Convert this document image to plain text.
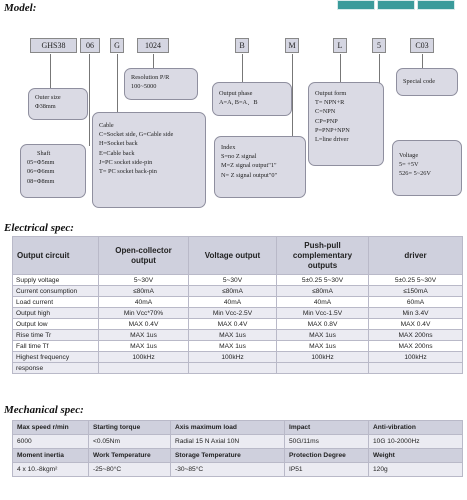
Model:
GHS38	06	G	1024	B	M	L	5	C03
Outer size
Φ38mm
Shaft
05=Φ5mm
06=Φ6mm
08=Φ8mm
Resolution P/R
100~5000
Cable
C=Socket side, G=Cable side
H=Socket back
E=Cable back
J=PC socket side-pin
T= PC socket back-pin
Output phase
A=A, B=A、B
Index
S=no Z signal
M=Z signal output"1"
N= Z signal output"0"
Output form
T= NPN+R
C=NPN
CP=PNP
P=PNP+NPN
L=line driver
Special code
Voltage
5= +5V
526= 5~26V
Electrical spec:
Output circuit	Open-collector output	Voltage output	Push-pull complementary outputs	driver
Supply voltage	5~30V	5~30V	5±0.25 5~30V	5±0.25 5~30V
Current consumption	≤80mA	≤80mA	≤80mA	≤150mA
Load current	40mA	40mA	40mA	60mA
Output high	Min Vcc*70%	Min Vcc-2.5V	Min Vcc-1.5V	Min 3.4V
Output low	MAX 0.4V	MAX 0.4V	MAX 0.8V	MAX 0.4V
Rise time Tr	MAX 1us	MAX 1us	MAX 1us	MAX 200ns
Fall time Tf	MAX 1us	MAX 1us	MAX 1us	MAX 200ns
Highest frequency	100kHz	100kHz	100kHz	100kHz
response				
Mechanical spec:
Max speed r/min	Starting torque	Axis maximum load	Impact	Anti-vibration
6000	<0.05Nm	Radial 15 N Axial 10N	50G/11ms	10G 10-2000Hz
Moment inertia	Work Temperature	Storage Temperature	Protection Degree	Weight
4 x 10.-8kgm²	-25~80°C	-30~85°C	IP51	120g
